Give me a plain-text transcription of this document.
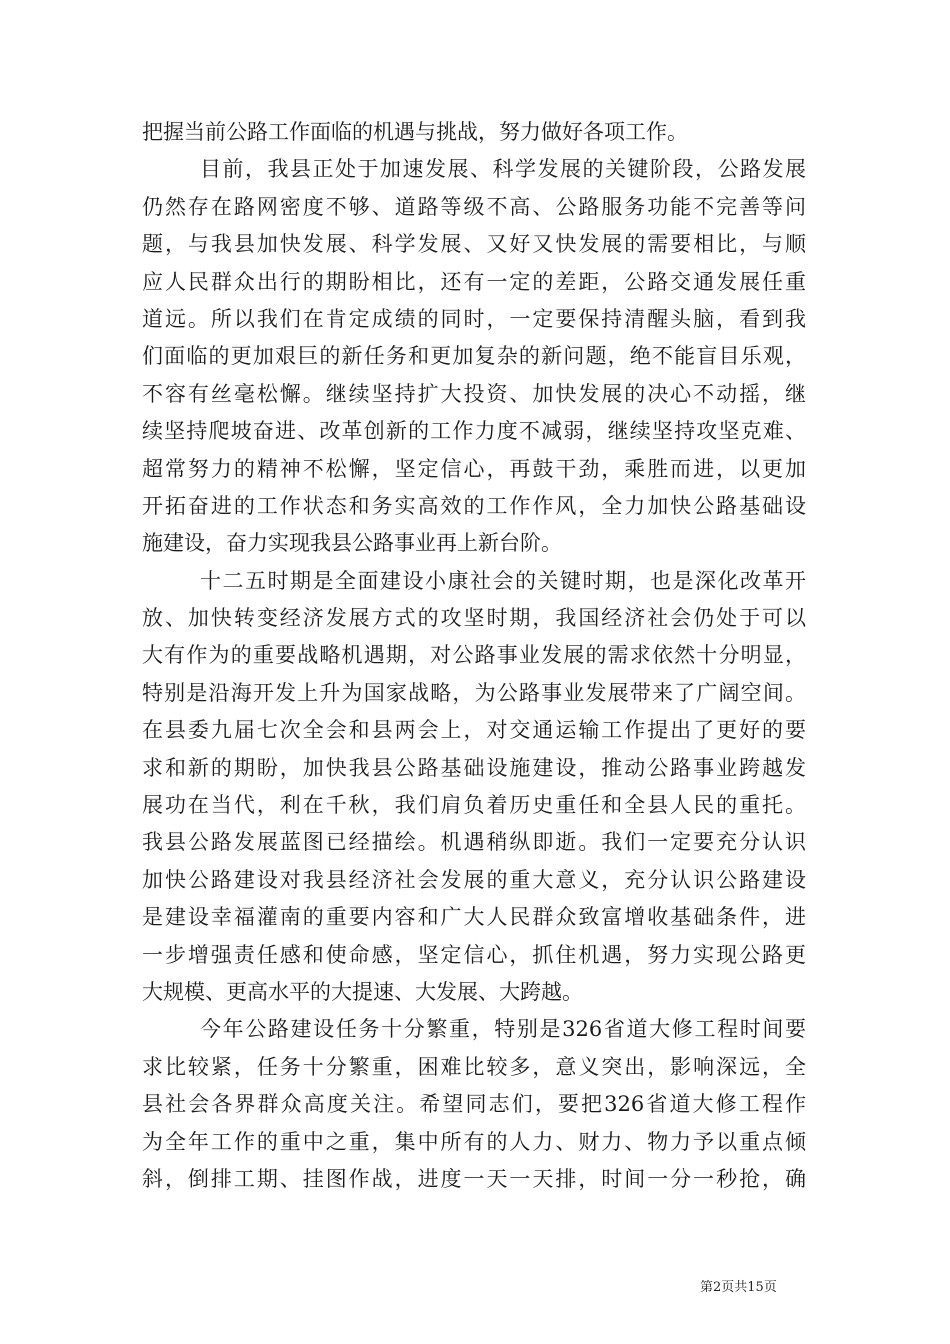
把握当前公路工作面临的机遇与挑战，努力做好各项工作。
目前，我县正处于加速发展、科学发展的关键阶段，公路发展
仍然存在路网密度不够、道路等级不高、公路服务功能不完善等问
题，与我县加快发展、科学发展、又好又快发展的需要相比，与顺
应人民群众出行的期盼相比，还有一定的差距，公路交通发展任重
道远。所以我们在肯定成绩的同时，一定要保持清醒头脑，看到我
们面临的更加艰巨的新任务和更加复杂的新问题，绝不能盲目乐观，
不容有丝毫松懈。继续坚持扩大投资、加快发展的决心不动摇，继
续坚持爬坡奋进、改革创新的工作力度不减弱，继续坚持攻坚克难、
超常努力的精神不松懈，坚定信心，再鼓干劲，乘胜而进，以更加
开拓奋进的工作状态和务实高效的工作作风，全力加快公路基础设
施建设，奋力实现我县公路事业再上新台阶。
十二五时期是全面建设小康社会的关键时期，也是深化改革开
放、加快转变经济发展方式的攻坚时期，我国经济社会仍处于可以
大有作为的重要战略机遇期，对公路事业发展的需求依然十分明显，
特别是沿海开发上升为国家战略，为公路事业发展带来了广阔空间。
在县委九届七次全会和县两会上，对交通运输工作提出了更好的要
求和新的期盼，加快我县公路基础设施建设，推动公路事业跨越发
展功在当代，利在千秋，我们肩负着历史重任和全县人民的重托。
我县公路发展蓝图已经描绘。机遇稍纵即逝。我们一定要充分认识
加快公路建设对我县经济社会发展的重大意义，充分认识公路建设
是建设幸福灌南的重要内容和广大人民群众致富增收基础条件，进
一步增强责任感和使命感，坚定信心，抓住机遇，努力实现公路更
大规模、更高水平的大提速、大发展、大跨越。
今年公路建设任务十分繁重，特别是326省道大修工程时间要
求比较紧，任务十分繁重，困难比较多，意义突出，影响深远，全
县社会各界群众高度关注。希望同志们，要把326省道大修工程作
为全年工作的重中之重，集中所有的人力、财力、物力予以重点倾
斜，倒排工期、挂图作战，进度一天一天排，时间一分一秒抢，确
第2页共15页
